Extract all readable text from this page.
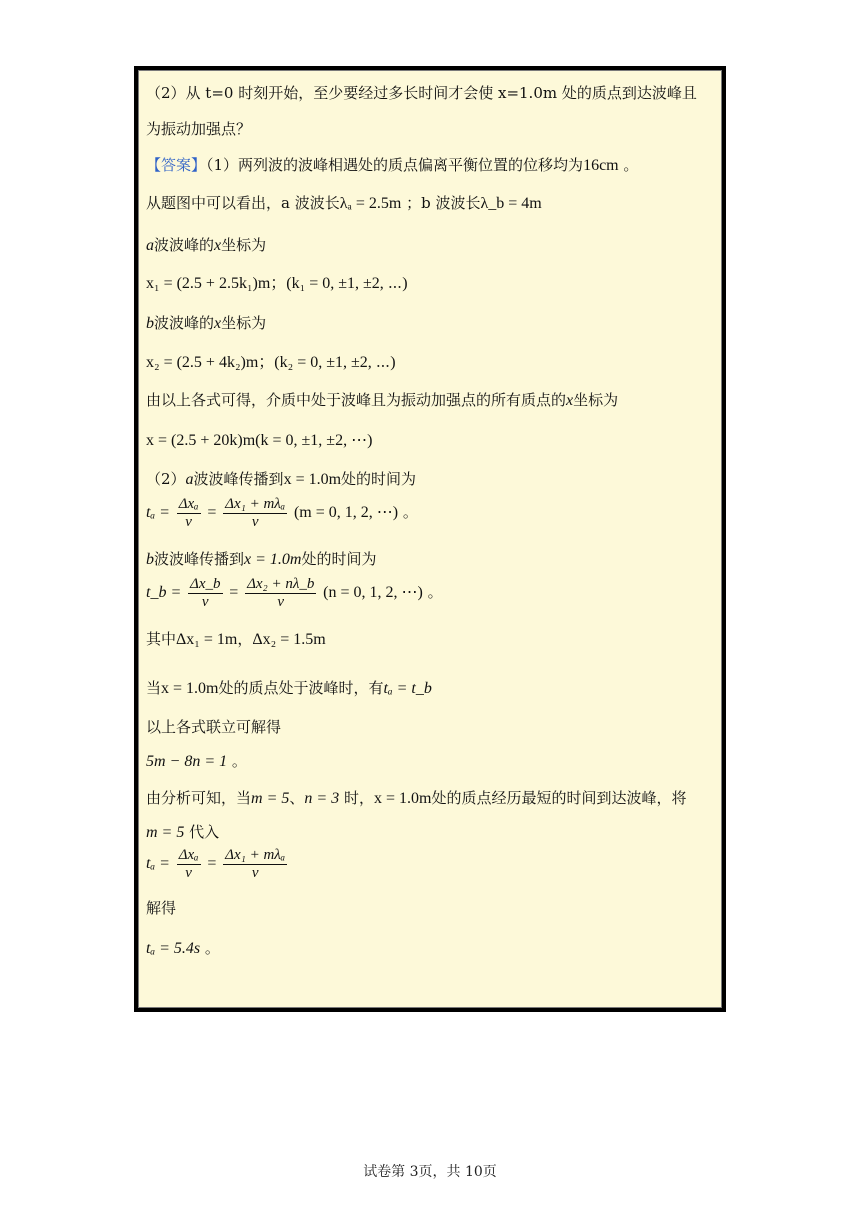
（2）从 t=0 时刻开始，至少要经过多长时间才会使 x=1.0m 处的质点到达波峰且
为振动加强点？
【答案】（1）两列波的波峰相遇处的质点偏离平衡位置的位移均为16cm 。
从题图中可以看出，a 波波长λₐ = 2.5m ；b 波波长λ_b = 4m
a波波峰的x坐标为
x₁ = (2.5 + 2.5k₁)m；(k₁ = 0, ±1, ±2, ⋯)
b波波峰的x坐标为
x₂ = (2.5 + 4k₂)m；(k₂ = 0, ±1, ±2, ⋯)
由以上各式可得，介质中处于波峰且为振动加强点的所有质点的x坐标为
x = (2.5 + 20k)m(k = 0, ±1, ±2, ⋯)
（2）a波波峰传播到x = 1.0m处的时间为
$t_a = \frac{\text{Δxₐ}}{v} = \frac{\text{Δx₁ + mλₐ}}{v} (m = 0$, 1, 2, ⋯) 。
b波波峰传播到x = 1.0m处的时间为
t_b = $\frac{\Delta x\_b}{v} = \frac{\text{Δx₂ + nλ\_b}}{v} (n = 0$, 1, 2, ⋯) 。
其中Δx₁ = 1m，Δx₂ = 1.5m
当x = 1.0m处的质点处于波峰时，有tₐ = t_b
以上各式联立可解得
5m − 8n = 1 。
由分析可知，当m = 5、n = 3 时，x = 1.0m处的质点经历最短的时间到达波峰，将
m = 5 代入
$t_a = \frac{\text{Δxₐ}}{v} = \frac{\text{Δx₁ + mλₐ}}{v}$
解得
tₐ = 5.4s 。
试卷第 3页，共 10页
